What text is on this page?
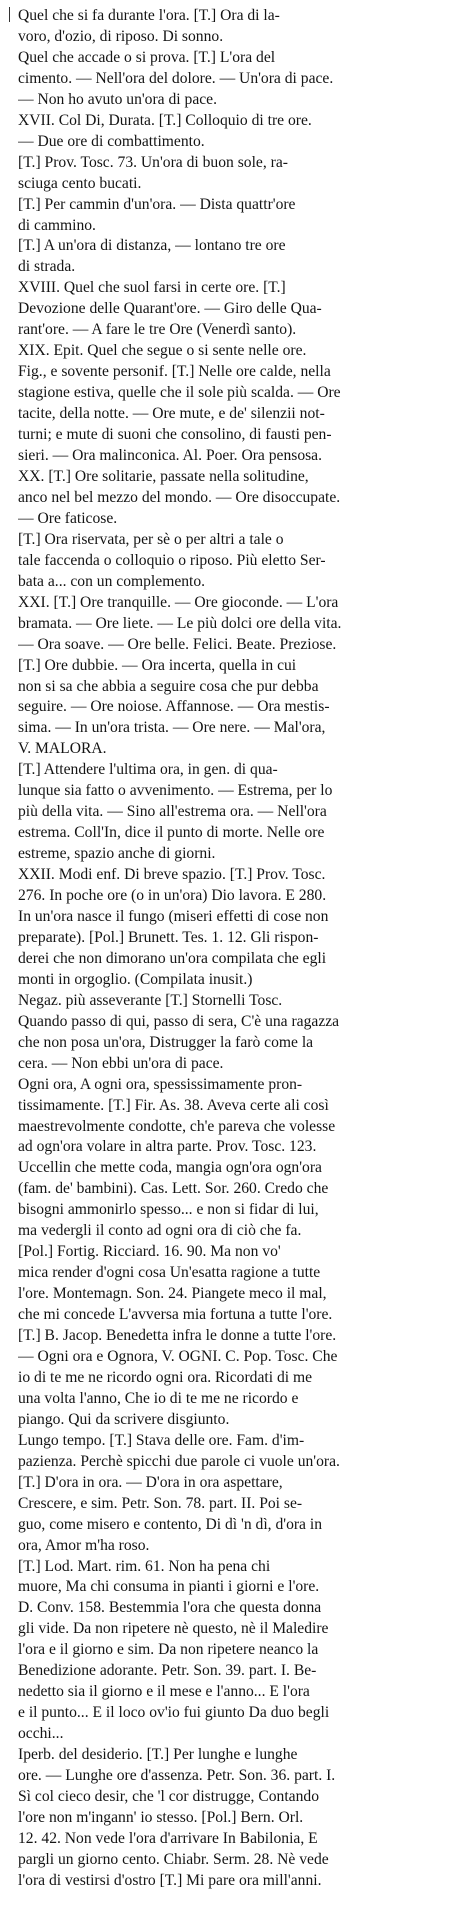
Quel che si fa durante l'ora. [T.] Ora di la-
voro, d'ozio, di riposo. Di sonno.
Quel che accade o si prova. [T.] L'ora del
cimento. — Nell'ora del dolore. — Un'ora di pace.
— Non ho avuto un'ora di pace.
XVII. Col Di, Durata. [T.] Colloquio di tre ore.
— Due ore di combattimento.
[T.] Prov. Tosc. 73. Un'ora di buon sole, ra-
sciuga cento bucati.
[T.] Per cammin d'un'ora. — Dista quattr'ore
di cammino.
[T.] A un'ora di distanza, — lontano tre ore
di strada.
XVIII. Quel che suol farsi in certe ore. [T.]
Devozione delle Quarant'ore. — Giro delle Qua-
rant'ore. — A fare le tre Ore (Venerdì santo).
XIX. Epit. Quel che segue o si sente nelle ore.
Fig., e sovente personif. [T.] Nelle ore calde, nella
stagione estiva, quelle che il sole più scalda. — Ore
tacite, della notte. — Ore mute, e de' silenzii not-
turni; e mute di suoni che consolino, di fausti pen-
sieri. — Ora malinconica. Al. Poer. Ora pensosa.
XX. [T.] Ore solitarie, passate nella solitudine,
anco nel bel mezzo del mondo. — Ore disoccupate.
— Ore faticose.
[T.] Ora riservata, per sè o per altri a tale o
tale faccenda o colloquio o riposo. Più eletto Ser-
bata a... con un complemento.
XXI. [T.] Ore tranquille. — Ore gioconde. — L'ora
bramata. — Ore liete. — Le più dolci ore della vita.
— Ora soave. — Ore belle. Felici. Beate. Preziose.
[T.] Ore dubbie. — Ora incerta, quella in cui
non si sa che abbia a seguire cosa che pur debba
seguire. — Ore noiose. Affannose. — Ora mestis-
sima. — In un'ora trista. — Ore nere. — Mal'ora,
V. MALORA.
[T.] Attendere l'ultima ora, in gen. di qua-
lunque sia fatto o avvenimento. — Estrema, per lo
più della vita. — Sino all'estrema ora. — Nell'ora
estrema. Coll'In, dice il punto di morte. Nelle ore
estreme, spazio anche di giorni.
XXII. Modi enf. Di breve spazio. [T.] Prov. Tosc.
276. In poche ore (o in un'ora) Dio lavora. E 280.
In un'ora nasce il fungo (miseri effetti di cose non
preparate). [Pol.] Brunett. Tes. 1. 12. Gli rispon-
derei che non dimorano un'ora compilata che egli
monti in orgoglio. (Compilata inusit.)
Negaz. più asseverante [T.] Stornelli Tosc.
Quando passo di qui, passo di sera, C'è una ragazza
che non posa un'ora, Distrugger la farò come la
cera. — Non ebbi un'ora di pace.
Ogni ora, A ogni ora, spessissimamente pron-
tissimamente. [T.] Fir. As. 38. Aveva certe ali così
maestrevolmente condotte, ch'e pareva che volesse
ad ogn'ora volare in altra parte. Prov. Tosc. 123.
Uccellin che mette coda, mangia ogn'ora ogn'ora
(fam. de' bambini). Cas. Lett. Sor. 260. Credo che
bisogni ammonirlo spesso... e non si fidar di lui,
ma vedergli il conto ad ogni ora di ciò che fa.
[Pol.] Fortig. Ricciard. 16. 90. Ma non vo'
mica render d'ogni cosa Un'esatta ragione a tutte
l'ore. Montemagn. Son. 24. Piangete meco il mal,
che mi concede L'avversa mia fortuna a tutte l'ore.
[T.] B. Jacop. Benedetta infra le donne a tutte l'ore.
— Ogni ora e Ognora, V. OGNI. C. Pop. Tosc. Che
io di te me ne ricordo ogni ora. Ricordati di me
una volta l'anno, Che io di te me ne ricordo e
piango. Qui da scrivere disgiunto.
Lungo tempo. [T.] Stava delle ore. Fam. d'im-
pazienza. Perchè spicchi due parole ci vuole un'ora.
[T.] D'ora in ora. — D'ora in ora aspettare,
Crescere, e sim. Petr. Son. 78. part. II. Poi se-
guo, come misero e contento, Di dì 'n dì, d'ora in
ora, Amor m'ha roso.
[T.] Lod. Mart. rim. 61. Non ha pena chi
muore, Ma chi consuma in pianti i giorni e l'ore.
D. Conv. 158. Bestemmia l'ora che questa donna
gli vide. Da non ripetere nè questo, nè il Maledire
l'ora e il giorno e sim. Da non ripetere neanco la
Benedizione adorante. Petr. Son. 39. part. I. Be-
nedetto sia il giorno e il mese e l'anno... E l'ora
e il punto... E il loco ov'io fui giunto Da duo begli
occhi...
Iperb. del desiderio. [T.] Per lunghe e lunghe
ore. — Lunghe ore d'assenza. Petr. Son. 36. part. I.
Sì col cieco desir, che 'l cor distrugge, Contando
l'ore non m'ingann' io stesso. [Pol.] Bern. Orl.
12. 42. Non vede l'ora d'arrivare In Babilonia, E
pargli un giorno cento. Chiabr. Serm. 28. Nè vede
l'ora di vestirsi d'ostro [T.] Mi pare ora mill'anni.
